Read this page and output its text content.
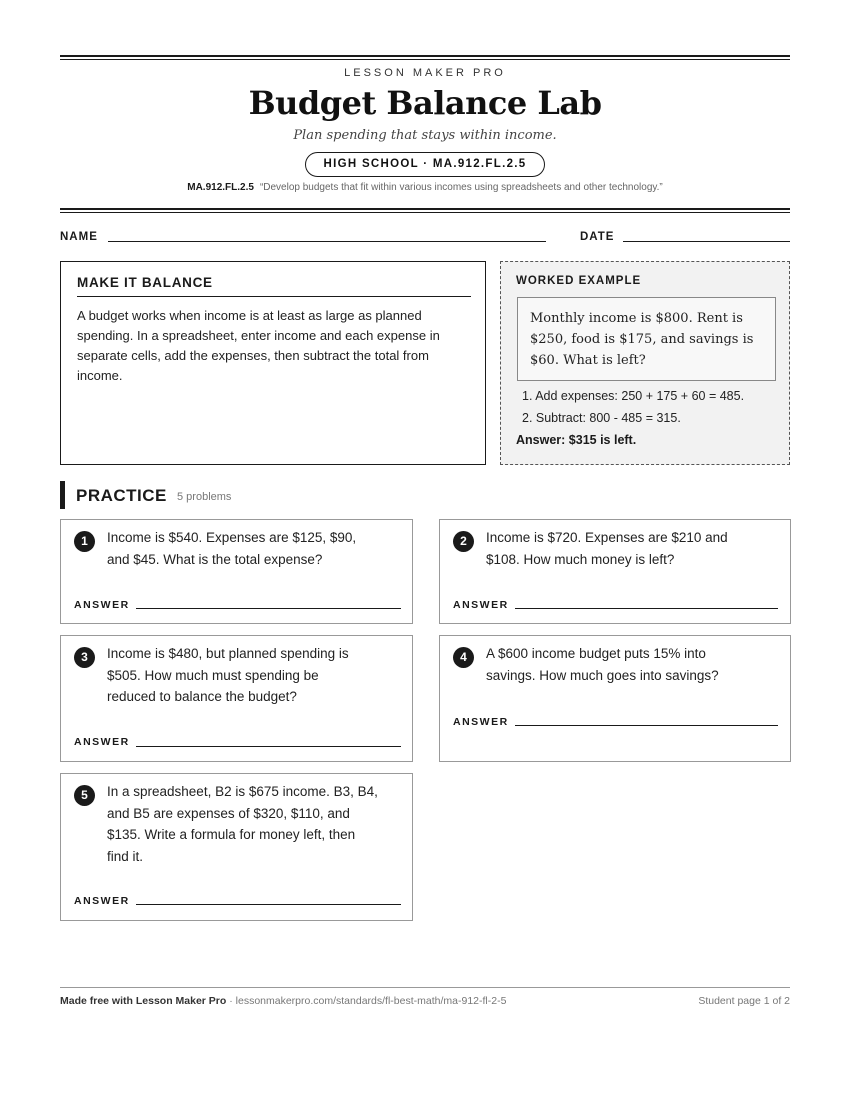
LESSON MAKER PRO
Budget Balance Lab
Plan spending that stays within income.
HIGH SCHOOL · MA.912.FL.2.5
MA.912.FL.2.5 “Develop budgets that fit within various incomes using spreadsheets and other technology.”
NAME	DATE
MAKE IT BALANCE
A budget works when income is at least as large as planned spending. In a spreadsheet, enter income and each expense in separate cells, add the expenses, then subtract the total from income.
WORKED EXAMPLE
Monthly income is $800. Rent is $250, food is $175, and savings is $60. What is left?
1. Add expenses: 250 + 175 + 60 = 485.
2. Subtract: 800 - 485 = 315.
Answer: $315 is left.
PRACTICE 5 problems
1	Income is $540. Expenses are $125, $90,
and $45. What is the total expense?
ANSWER
2	Income is $720. Expenses are $210 and
$108. How much money is left?
ANSWER
3	Income is $480, but planned spending is
$505. How much must spending be
reduced to balance the budget?
ANSWER
4	A $600 income budget puts 15% into
savings. How much goes into savings?
ANSWER
5	In a spreadsheet, B2 is $675 income. B3, B4,
and B5 are expenses of $320, $110, and
$135. Write a formula for money left, then
find it.
ANSWER
Made free with Lesson Maker Pro · lessonmakerpro.com/standards/fl-best-math/ma-912-fl-2-5	Student page 1 of 2
